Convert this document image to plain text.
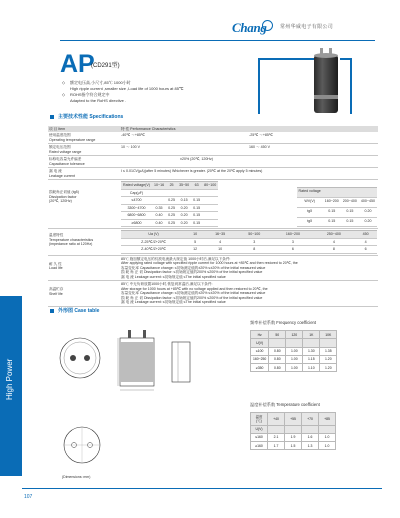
Chang	常州华威电子有限公司
AP
(CD291型)
◇ 额定电压高,小尺寸,85℃ 1000小时
High ripple current ,smaller size ,Load life of 1000 hours at 85℃
◇ ROHS指令符合规定中
Adapted to the RoHS directive .
主要技术性能 Specifications
项 目 Item	特 性 Performance Characteristics

使用温度范围
Operating temperature range

-40℃ ～+85℃	-25℃ ～+85℃

额定电压范围
Rated voltage range

10 ～ 100 V	160 ～ 450 V

标称电容量允许偏差
Capacitance tolerance
	±20% (20℃, 120Hz)

漏 电 流
Leakage current
	I ≤ 0.01CV(μA)(after 5 minutes) Whichever is greater. (20℃ at the 20℃ apply 5 minutes)

损耗角正切值 (tgδ)
Dissipation factor
(20℃, 120Hz)

Rated voltage(V)	10~16	25	35~50	63	80~100
Cap(μF)					
≤4700		0.25	0.15	0.15	
3300~4700	0.35	0.25	0.20	0.15	
6800~6800	0.40	0.25	0.20	0.15	
≥6800	0.40	0.25	0.20	0.15	
Rated voltage			
WV(V)	160~200	200~400	400~450
tgδ	0.15	0.15	0.20
tgδ	0.15	0.15	0.20

温度特性
Temperature characteristics
(impedance ratio at 120Hz)

Ua (V)	10	16~35	50~100	160~200	250~400	450
Z-25℃/Z+20℃	5	4	3	3	4	4
Z-40℃/Z+20℃	12	10	8	6	8	6

耐 久 性
Load life

85℃ 施加额定电压的纹波电流最大规定值 1000小时后,满足以下条件:
After applying rated voltage with specified ripple current for 1000 hours at +85℃ and then restored to 20℃, the
容量变化率 Capacitance change: ≤初始测定值的±20% ≤±20% of the initial measured value
损 耗 角 正 切 Dissipation factor: ≤初始规定值的200% ≤200% of the initial specified value
漏 电 流 Leakage current: ≤初始规定值 ≤The initial specified value

高温贮存
Shelf life

85℃ 中无负荷放置1000小时,恢复到常温后,满足以下条件:
After storage for 1000 hours at +85℃ with no voltage applied and then restored to 20℃, the
容量变化率 Capacitance change: ≤初始测定值的±20% ≤±20% of the initial measured value
损 耗 角 正 切 Dissipation factor: ≤初始规定值的200% ≤200% of the initial specified value
漏 电 流 Leakage current: ≤初始规定值 ≤The initial specified value
外形图 Case table
High Power
(Dimensions: mm)
频率补偿系数 Frequency coefficient
Hz	50	120	1K	10K
U(V)				
≤100	0.80	1.00	1.30	1.35
160~250	0.80	1.00	1.15	1.20
≥350	0.80	1.00	1.10	1.20
温度补偿系数 Temperature coefficient
温度(℃)	+40	+55	+70	+85
U(V)				
≤160	2.1	1.9	1.6	1.0
≥160	1.7	1.5	1.3	1.0
107
